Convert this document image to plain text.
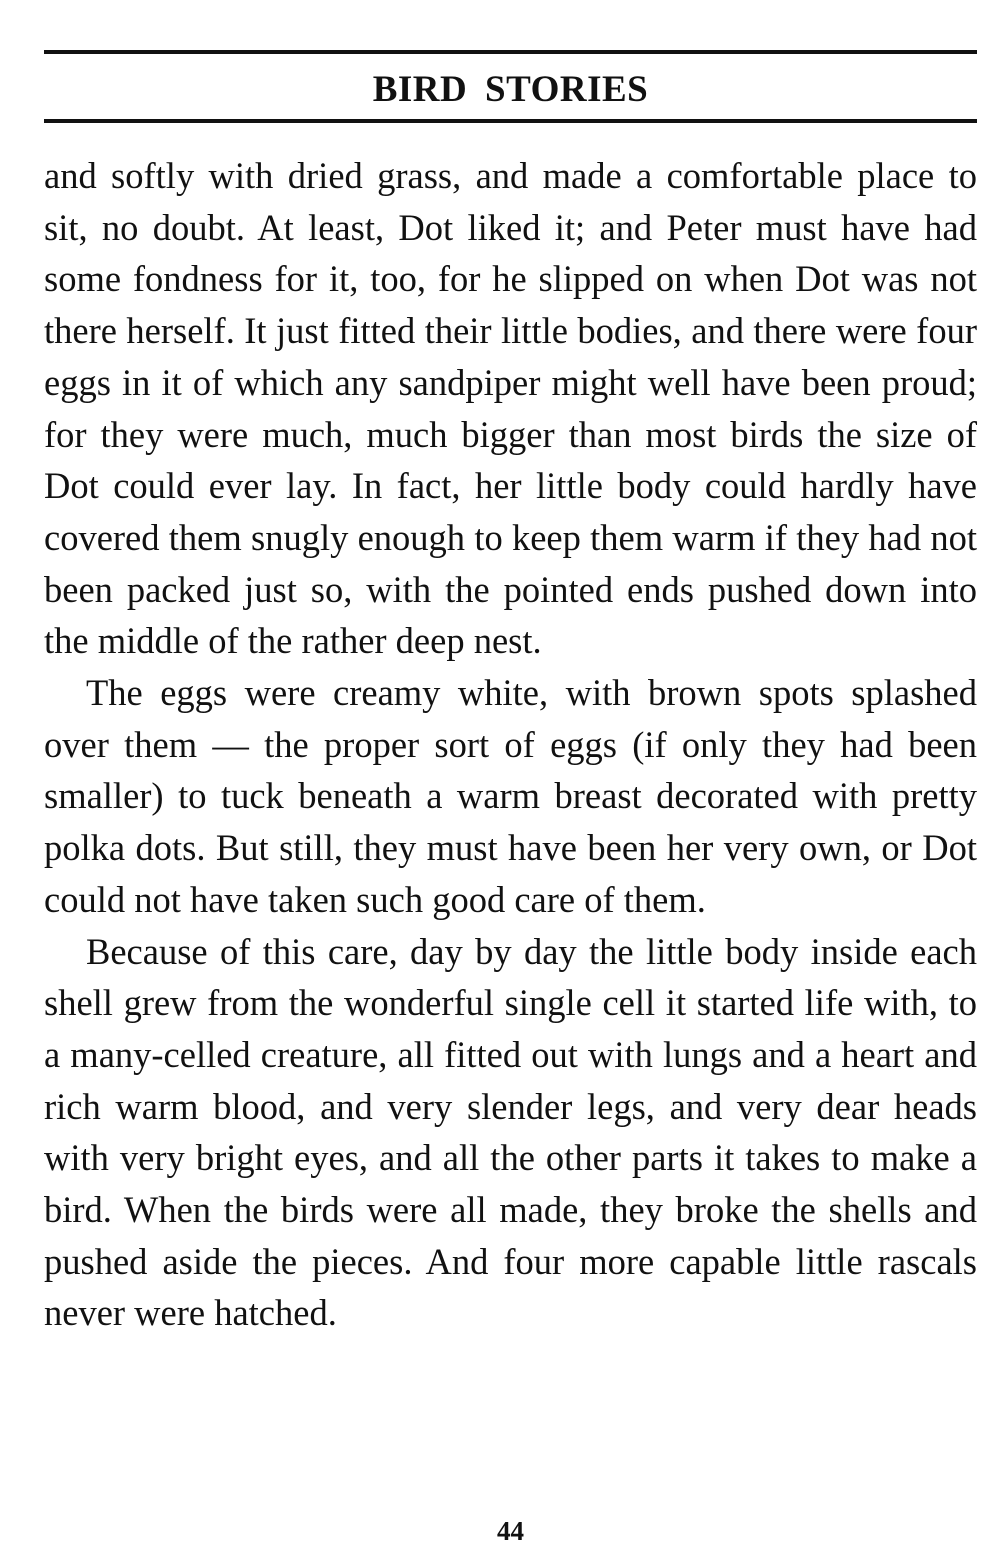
BIRD STORIES

and softly with dried grass, and made a comfortable place to sit, no doubt. At least, Dot liked it; and Peter must have had some fondness for it, too, for he slipped on when Dot was not there herself. It just fitted their little bodies, and there were four eggs in it of which any sandpiper might well have been proud; for they were much, much bigger than most birds the size of Dot could ever lay. In fact, her little body could hardly have covered them snugly enough to keep them warm if they had not been packed just so, with the pointed ends pushed down into the middle of the rather deep nest.

The eggs were creamy white, with brown spots splashed over them — the proper sort of eggs (if only they had been smaller) to tuck beneath a warm breast decorated with pretty polka dots. But still, they must have been her very own, or Dot could not have taken such good care of them.

Because of this care, day by day the little body inside each shell grew from the wonderful single cell it started life with, to a many-celled creature, all fitted out with lungs and a heart and rich warm blood, and very slender legs, and very dear heads with very bright eyes, and all the other parts it takes to make a bird. When the birds were all made, they broke the shells and pushed aside the pieces. And four more capable little rascals never were hatched.

44
